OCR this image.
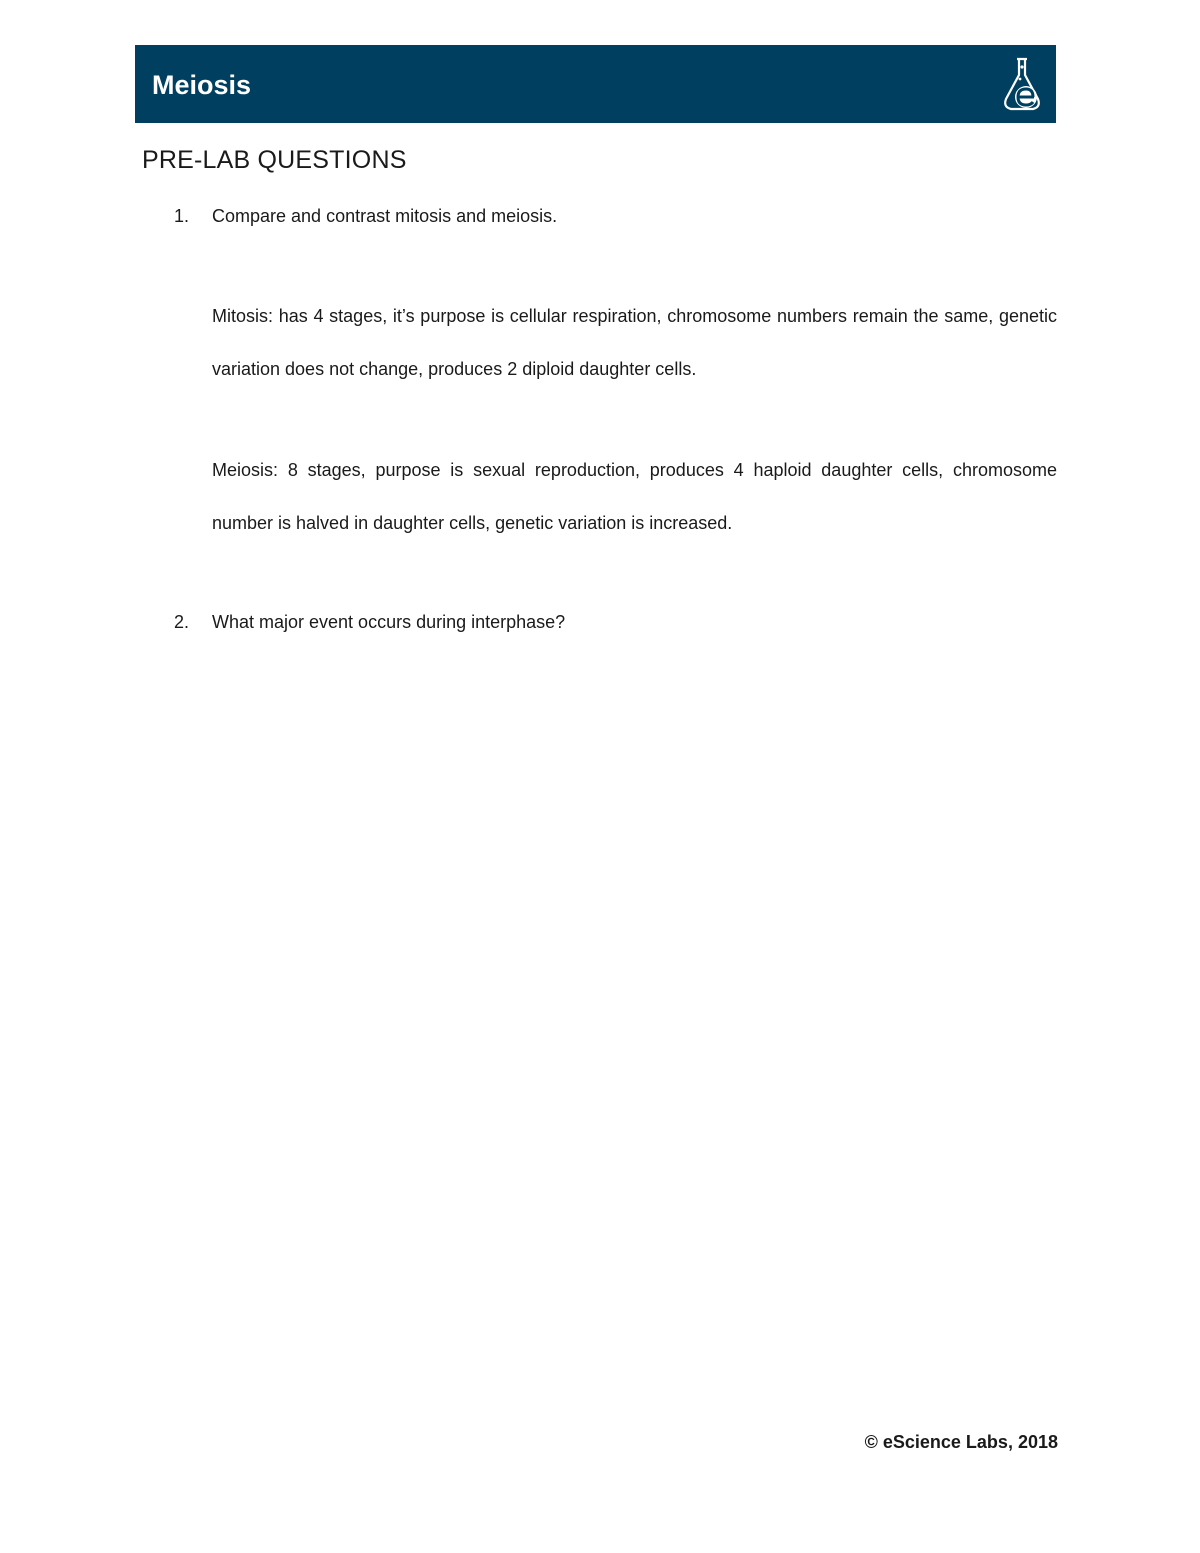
Meiosis
PRE-LAB QUESTIONS
1. Compare and contrast mitosis and meiosis.
Mitosis: has 4 stages, it’s purpose is cellular respiration, chromosome numbers remain the same, genetic variation does not change, produces 2 diploid daughter cells.
Meiosis: 8 stages, purpose is sexual reproduction, produces 4 haploid daughter cells, chromosome number is halved in daughter cells, genetic variation is increased.
2. What major event occurs during interphase?
© eScience Labs, 2018
